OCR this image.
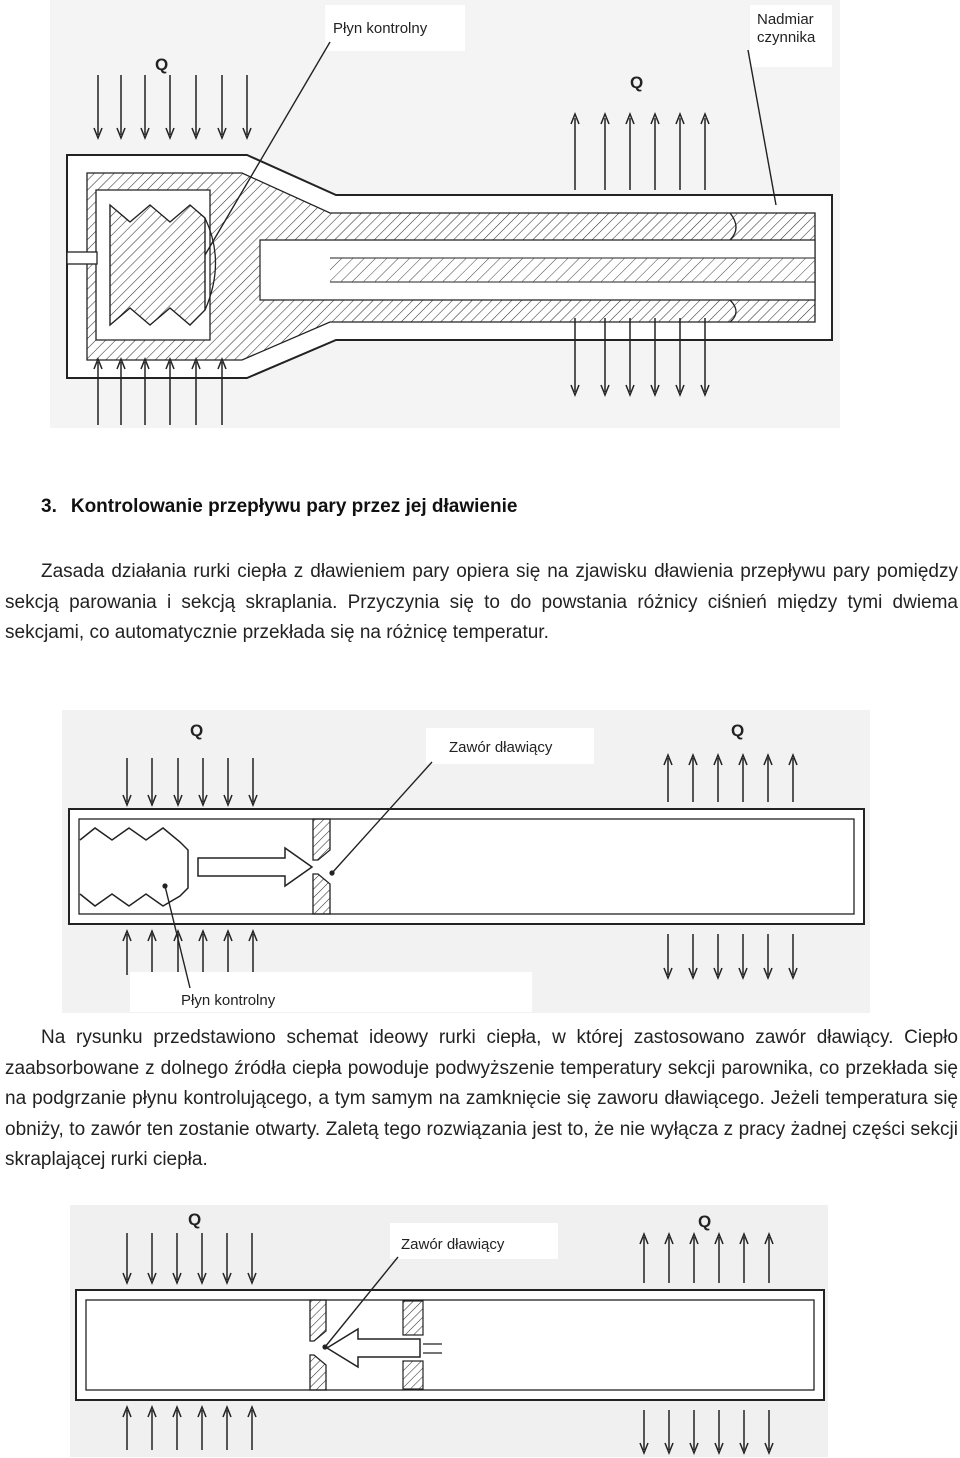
Q
Q
Płyn kontrolny
Nadmiar
czynnika
3. Kontrolowanie przepływu pary przez jej dławienie
Zasada działania rurki ciepła z dławieniem pary opiera się na zjawisku dławienia przepływu pary pomiędzy sekcją parowania i sekcją skraplania. Przyczynia się to do powstania różnicy ciśnień między tymi dwiema sekcjami, co automatycznie przekłada się na różnicę temperatur.
Q	Q
Zawór dławiący
Płyn kontrolny
Na rysunku przedstawiono schemat ideowy rurki ciepła, w której zastosowano zawór dławiący. Ciepło zaabsorbowane z dolnego źródła ciepła powoduje podwyższenie temperatury sekcji parownika, co przekłada się na podgrzanie płynu kontrolującego, a tym samym na zamknięcie się zaworu dławiącego. Jeżeli temperatura się obniży, to zawór ten zostanie otwarty. Zaletą tego rozwiązania jest to, że nie wyłącza z pracy żadnej części sekcji skraplającej rurki ciepła.
Q	Q
Zawór dławiący
